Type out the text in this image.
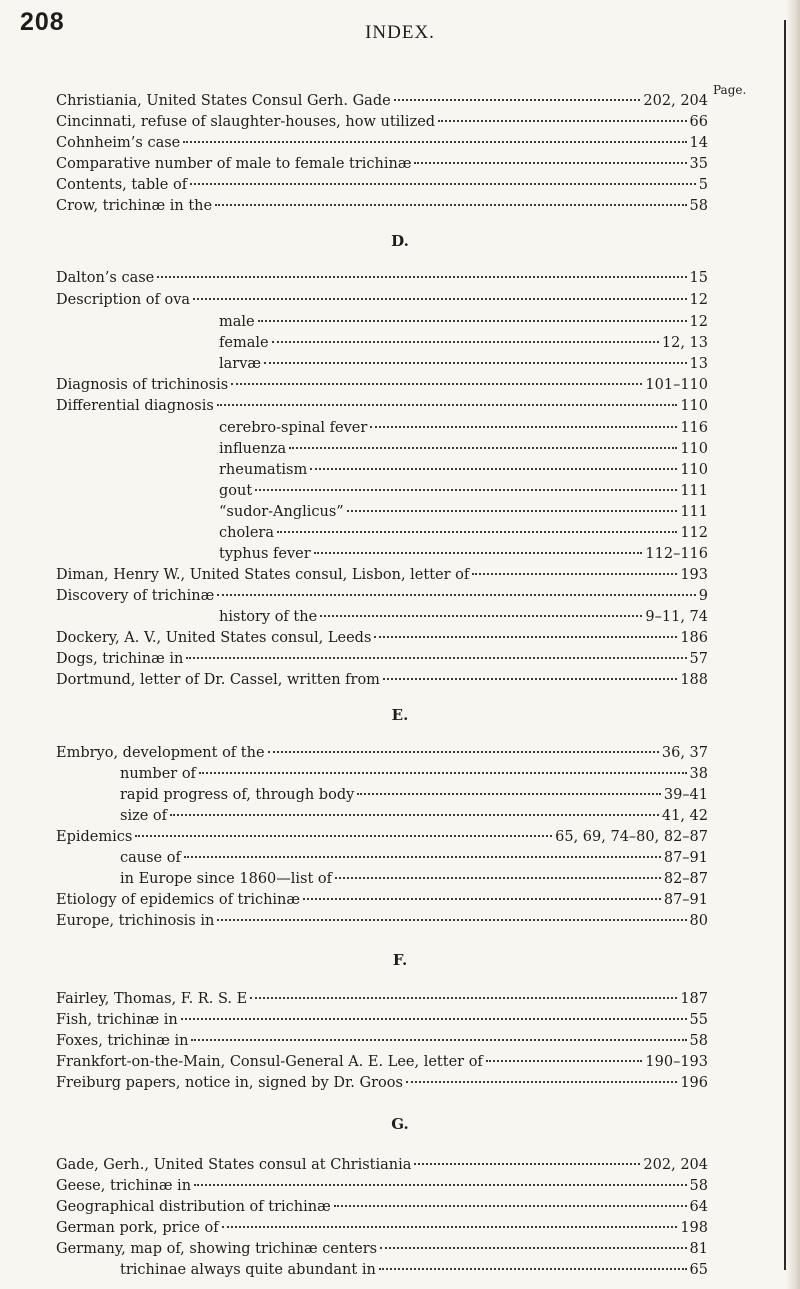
208	INDEX.
Page.
Christiania, United States Consul Gerh. Gade	202, 204
Cincinnati, refuse of slaughter-houses, how utilized	66
Cohnheim’s case	14
Comparative number of male to female trichinæ	35
Contents, table of	5
Crow, trichinæ in the	58
D.
Dalton’s case	15
Description of ova	12
male	12
female	12, 13
larvæ	13
Diagnosis of trichinosis	101–110
Differential diagnosis	110
cerebro-spinal fever	116
influenza	110
rheumatism	110
gout	111
“sudor-Anglicus”	111
cholera	112
typhus fever	112–116
Diman, Henry W., United States consul, Lisbon, letter of	193
Discovery of trichinæ	9
history of the	9–11, 74
Dockery, A. V., United States consul, Leeds	186
Dogs, trichinæ in	57
Dortmund, letter of Dr. Cassel, written from	188
E.
Embryo, development of the	36, 37
number of	38
rapid progress of, through body	39–41
size of	41, 42
Epidemics	65, 69, 74–80, 82–87
cause of	87–91
in Europe since 1860—list of	82–87
Etiology of epidemics of trichinæ	87–91
Europe, trichinosis in	80
F.
Fairley, Thomas, F. R. S. E	187
Fish, trichinæ in	55
Foxes, trichinæ in	58
Frankfort-on-the-Main, Consul-General A. E. Lee, letter of	190–193
Freiburg papers, notice in, signed by Dr. Groos	196
G.
Gade, Gerh., United States consul at Christiania	202, 204
Geese, trichinæ in	58
Geographical distribution of trichinæ	64
German pork, price of	198
Germany, map of, showing trichinæ centers	81
trichinae always quite abundant in	65
